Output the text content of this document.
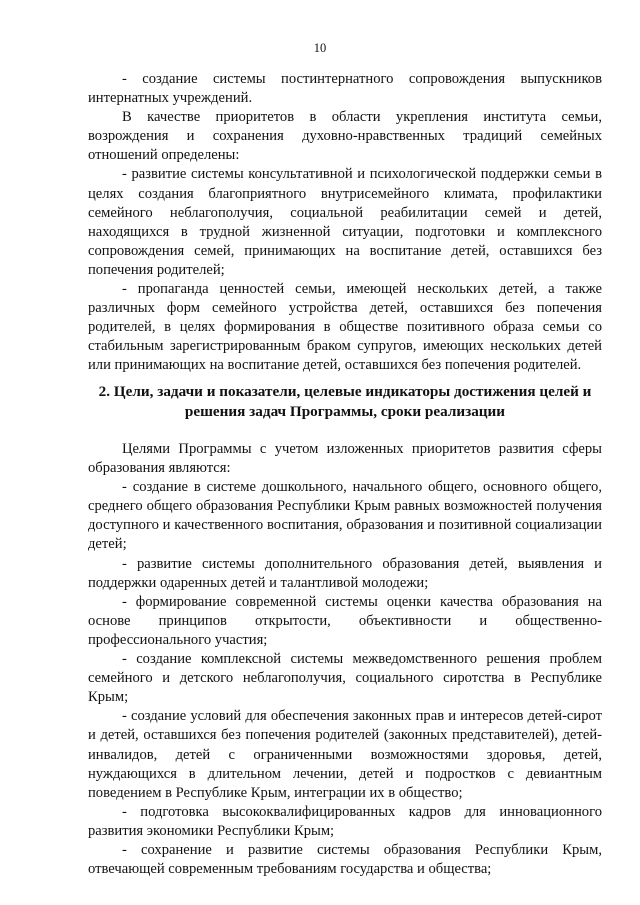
10

- создание системы постинтернатного сопровождения выпускников интернатных учреждений.

В качестве приоритетов в области укрепления института семьи, возрождения и сохранения духовно-нравственных традиций семейных отношений определены:

- развитие системы консультативной и психологической поддержки семьи в целях создания благоприятного внутрисемейного климата, профилактики семейного неблагополучия, социальной реабилитации семей и детей, находящихся в трудной жизненной ситуации, подготовки и комплексного сопровождения семей, принимающих на воспитание детей, оставшихся без попечения родителей;

- пропаганда ценностей семьи, имеющей нескольких детей, а также различных форм семейного устройства детей, оставшихся без попечения родителей, в целях формирования в обществе позитивного образа семьи со стабильным зарегистрированным браком супругов, имеющих нескольких детей или принимающих на воспитание детей, оставшихся без попечения родителей.

2. Цели, задачи и показатели, целевые индикаторы достижения целей и решения задач Программы, сроки реализации

Целями Программы с учетом изложенных приоритетов развития сферы образования являются:

- создание в системе дошкольного, начального общего, основного общего, среднего общего образования Республики Крым равных возможностей получения доступного и качественного воспитания, образования и позитивной социализации детей;

- развитие системы дополнительного образования детей, выявления и поддержки одаренных детей и талантливой молодежи;

- формирование современной системы оценки качества образования на основе принципов открытости, объективности и общественно-профессионального участия;

- создание комплексной системы межведомственного решения проблем семейного и детского неблагополучия, социального сиротства в Республике Крым;

- создание условий для обеспечения законных прав и интересов детей-сирот и детей, оставшихся без попечения родителей (законных представителей), детей-инвалидов, детей с ограниченными возможностями здоровья, детей, нуждающихся в длительном лечении, детей и подростков с девиантным поведением в Республике Крым, интеграции их в общество;

- подготовка высококвалифицированных кадров для инновационного развития экономики Республики Крым;

- сохранение и развитие системы образования Республики Крым, отвечающей современным требованиям государства и общества;
